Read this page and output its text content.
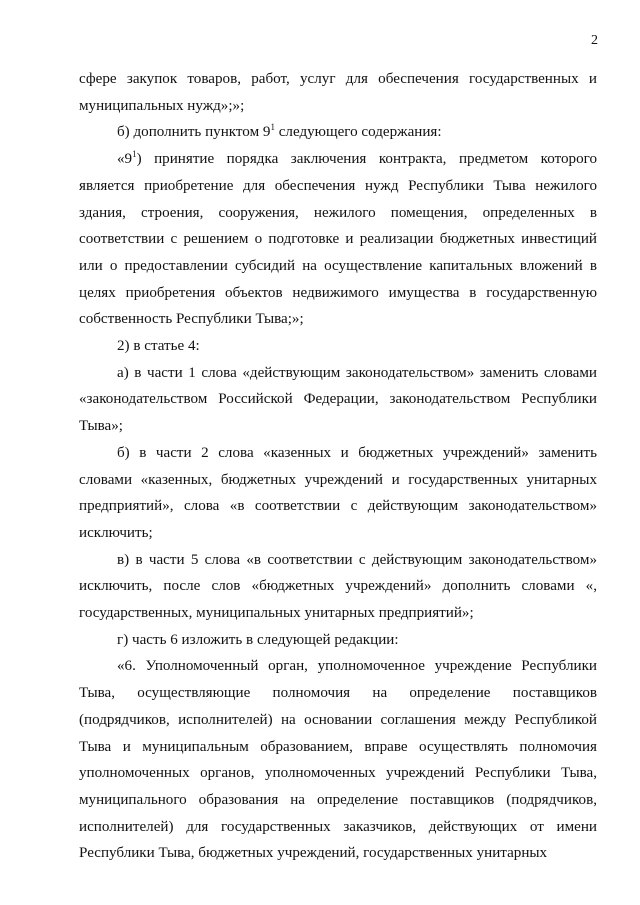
2

сфере закупок товаров, работ, услуг для обеспечения государственных и муниципальных нужд»;»;

б) дополнить пунктом $9^1$ следующего содержания:

«$9^1$) принятие порядка заключения контракта, предметом которого является приобретение для обеспечения нужд Республики Тыва нежилого здания, строения, сооружения, нежилого помещения, определенных в соответствии с решением о подготовке и реализации бюджетных инвестиций или о предоставлении субсидий на осуществление капитальных вложений в целях приобретения объектов недвижимого имущества в государственную собственность Республики Тыва;»;

2) в статье 4:

а) в части 1 слова «действующим законодательством» заменить словами «законодательством Российской Федерации, законодательством Республики Тыва»;

б) в части 2 слова «казенных и бюджетных учреждений» заменить словами «казенных, бюджетных учреждений и государственных унитарных предприятий», слова «в соответствии с действующим законодательством» исключить;

в) в части 5 слова «в соответствии с действующим законодательством» исключить, после слов «бюджетных учреждений» дополнить словами «, государственных, муниципальных унитарных предприятий»;

г) часть 6 изложить в следующей редакции:

«6. Уполномоченный орган, уполномоченное учреждение Республики Тыва, осуществляющие полномочия на определение поставщиков (подрядчиков, исполнителей) на основании соглашения между Республикой Тыва и муниципальным образованием, вправе осуществлять полномочия уполномоченных органов, уполномоченных учреждений Республики Тыва, муниципального образования на определение поставщиков (подрядчиков, исполнителей) для государственных заказчиков, действующих от имени Республики Тыва, бюджетных учреждений, государственных унитарных
